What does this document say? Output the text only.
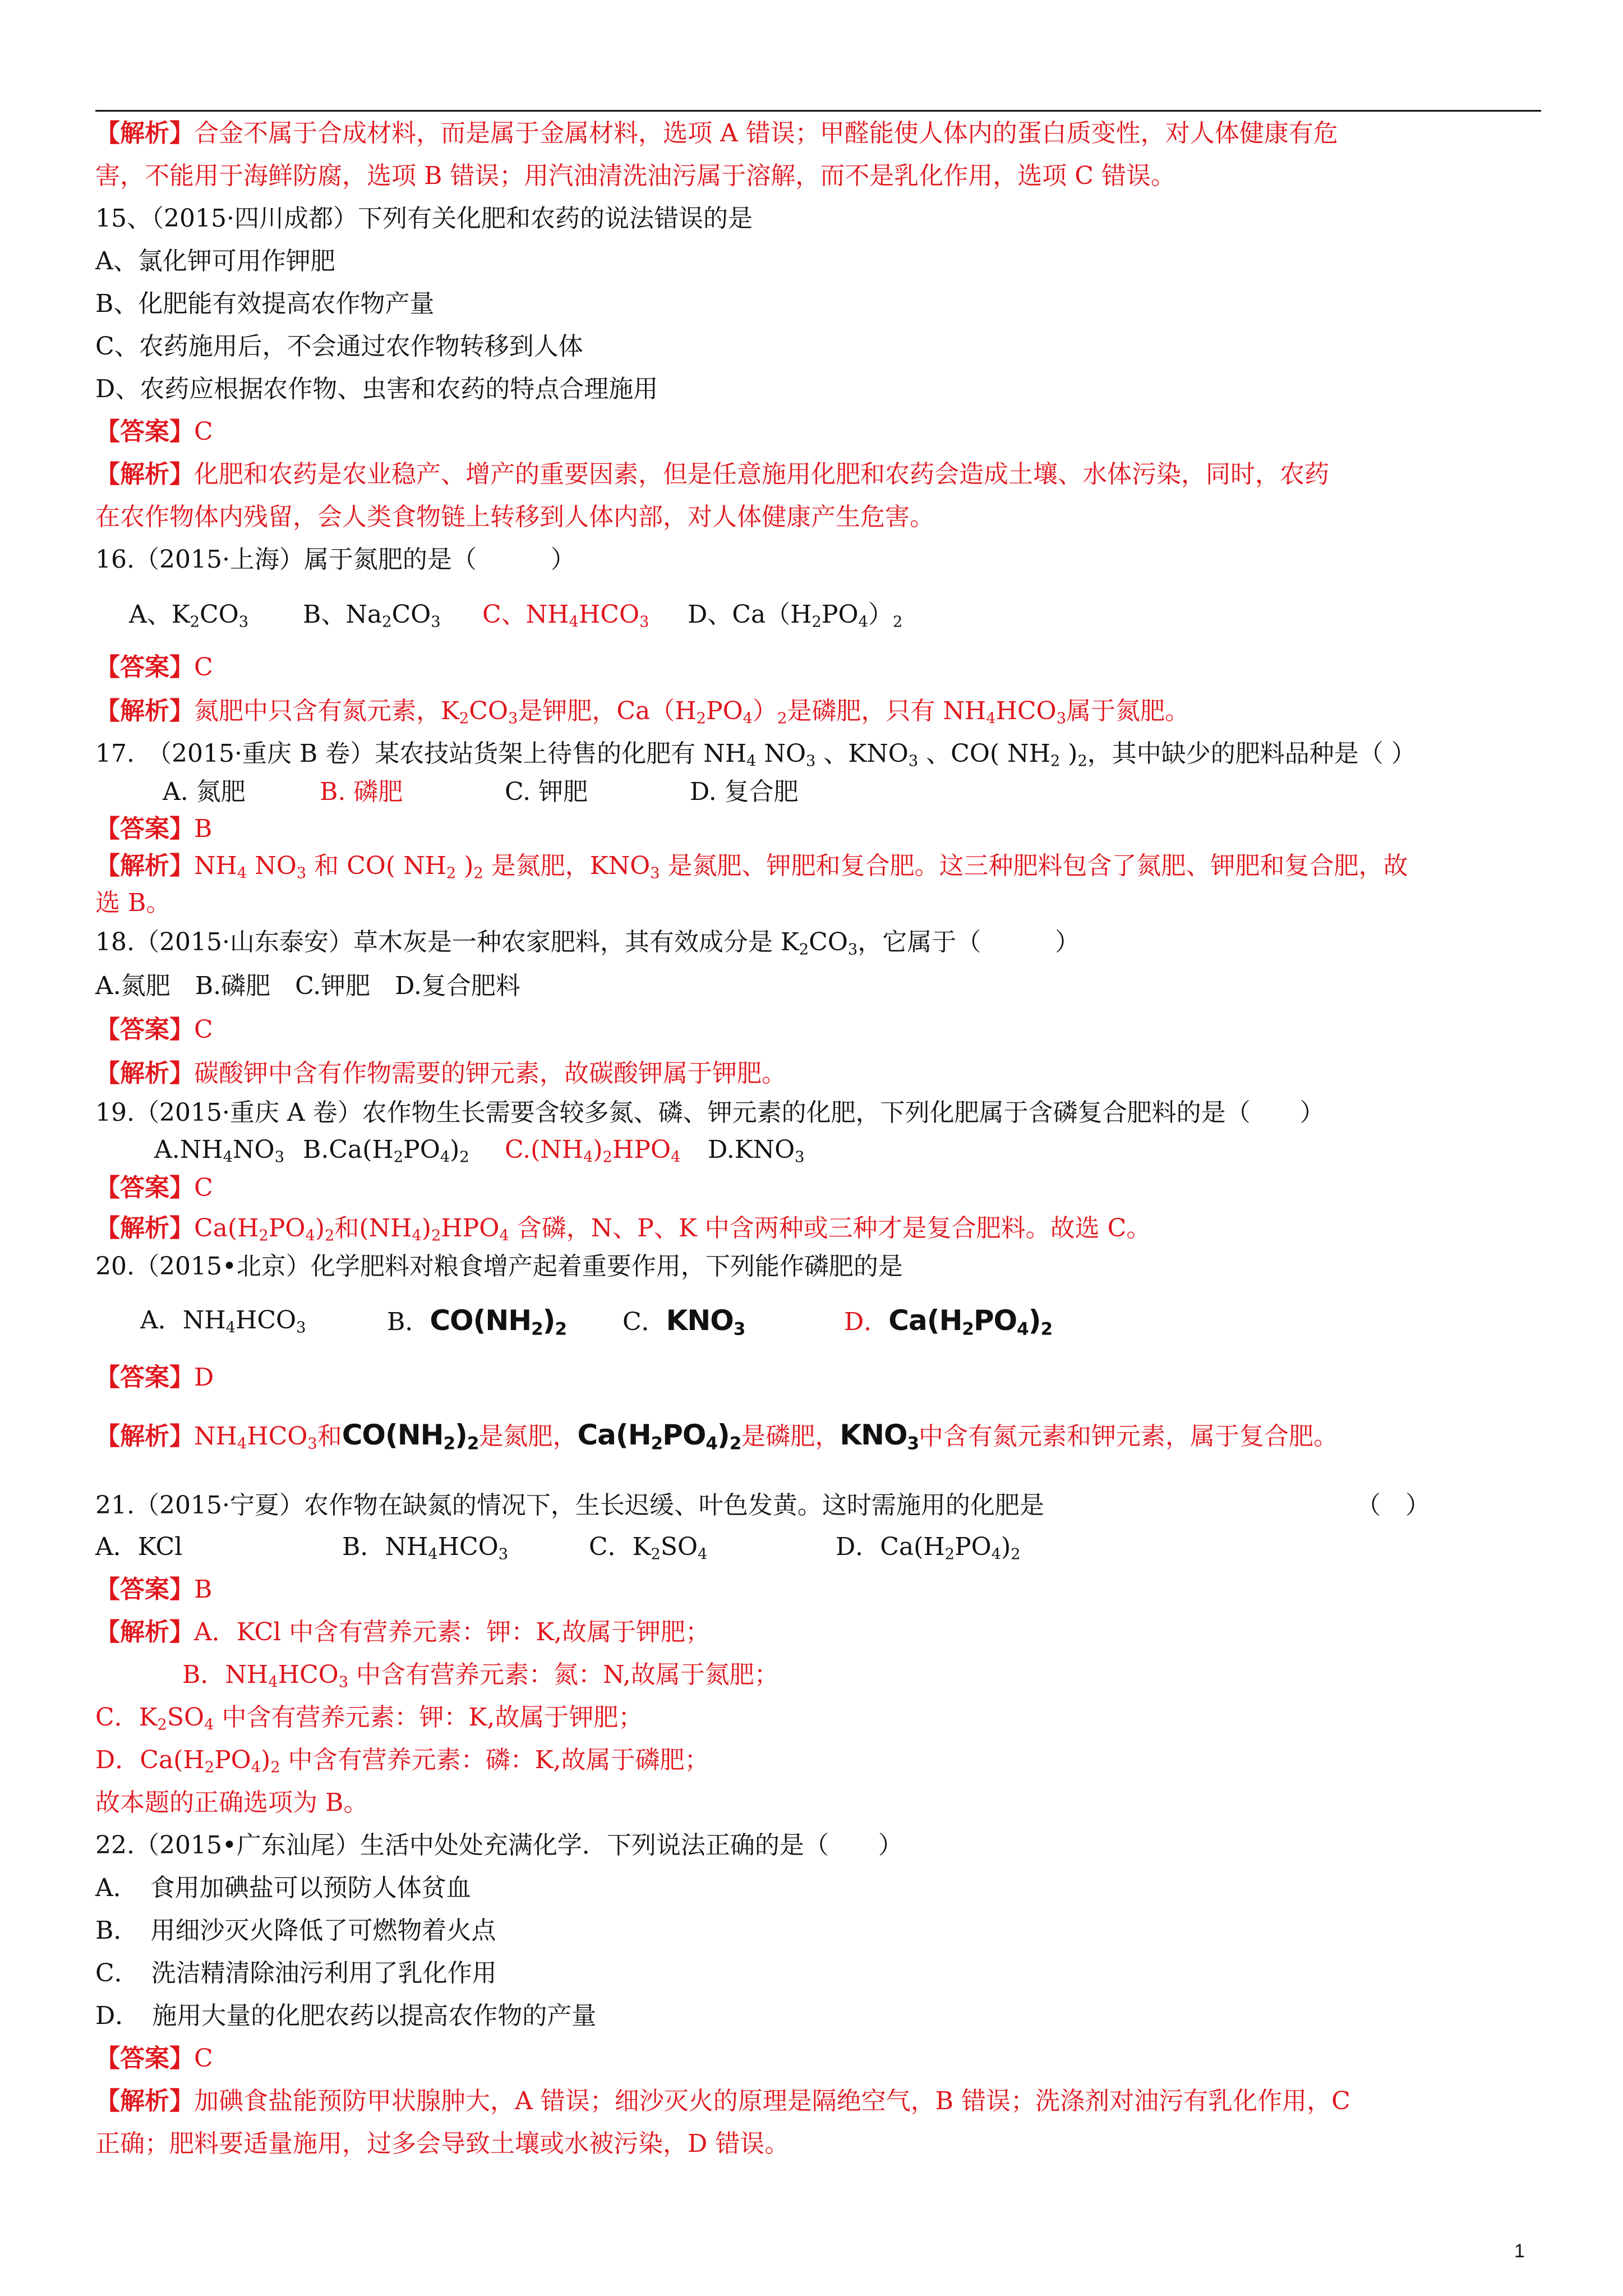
【解析】合金不属于合成材料，而是属于金属材料，选项 A 错误；甲醛能使人体内的蛋白质变性，对人体健康有危
害，不能用于海鲜防腐，选项 B 错误；用汽油清洗油污属于溶解，而不是乳化作用，选项 C 错误。
15、（2015·四川成都）下列有关化肥和农药的说法错误的是
A、氯化钾可用作钾肥
B、化肥能有效提高农作物产量
C、农药施用后，不会通过农作物转移到人体
D、农药应根据农作物、虫害和农药的特点合理施用
【答案】C
【解析】化肥和农药是农业稳产、增产的重要因素，但是任意施用化肥和农药会造成土壤、水体污染，同时，农药
在农作物体内残留，会人类食物链上转移到人体内部，对人体健康产生危害。
16.（2015·上海）属于氮肥的是（　　　）
A、$K_2CO_3$ B、$Na_2CO_3$ C、$NH_4HCO_3$ D、$Ca(H_2PO_4)_2$
【答案】C
【解析】氮肥中只含有氮元素，$K_2CO_3$是钾肥，$Ca(H_2PO_4)_2$是磷肥，只有 $NH_4HCO_3$属于氮肥。
17.　（2015·重庆 B 卷）某农技站货架上待售的化肥有 $NH_4$ $NO_3$ 、$KNO_3$ 、CO( $NH_2$ )$_2$，其中缺少的肥料品种是（ ）
A. 氮肥	B. 磷肥	C. 钾肥	D. 复合肥
【答案】B
【解析】$NH_4$ $NO_3$ 和 CO( $NH_2$ )$_2$ 是氮肥，$KNO_3$ 是氮肥、钾肥和复合肥。这三种肥料包含了氮肥、钾肥和复合肥，故
选 B。
18.（2015·山东泰安）草木灰是一种农家肥料，其有效成分是 $K_2CO_3$，它属于（　　　）
A.氮肥　B.磷肥　C.钾肥　D.复合肥料
【答案】C
【解析】碳酸钾中含有作物需要的钾元素，故碳酸钾属于钾肥。
19.（2015·重庆 A 卷）农作物生长需要含较多氮、磷、钾元素的化肥，下列化肥属于含磷复合肥料的是（　　）
$A.NH_4NO_3$ $B.Ca(H_2PO_4)_2$ $C.(NH_4)_2HPO_4$ $D.KNO_3$
【答案】C
【解析】$Ca(H_2PO_4)_2$和$(NH_4)_2HPO_4$ 含磷，N、P、K 中含两种或三种才是复合肥料。故选 C。
20.（2015•北京）化学肥料对粮食增产起着重要作用，下列能作磷肥的是
A．$NH_4HCO_3$	B．$CO(NH_2)_2$ C．$KNO_3$	D．$Ca(H_2PO_4)_2$
【答案】D
【解析】$NH_4HCO_3$和$CO(NH_2)_2$是氮肥，$Ca(H_2PO_4)_2$是磷肥，$KNO_3$中含有氮元素和钾元素，属于复合肥。
21.（2015·宁夏）农作物在缺氮的情况下，生长迟缓、叶色发黄。这时需施用的化肥是	（　）
A．KCl	B．$NH_4HCO_3$	C．$K_2SO_4$	D．$Ca(H_2PO_4)_2$
【答案】B
【解析】A．KCl 中含有营养元素：钾：K,故属于钾肥；
B．$NH_4HCO_3$ 中含有营养元素：氮：N,故属于氮肥；
C．$K_2SO_4$ 中含有营养元素：钾：K,故属于钾肥；
D．$Ca(H_2PO_4)_2$ 中含有营养元素：磷：K,故属于磷肥；
故本题的正确选项为 B。
22.（2015•广东汕尾）生活中处处充满化学．下列说法正确的是（　　）
A．　食用加碘盐可以预防人体贫血
B．　用细沙灭火降低了可燃物着火点
C．　洗洁精清除油污利用了乳化作用
D．　施用大量的化肥农药以提高农作物的产量
【答案】C
【解析】加碘食盐能预防甲状腺肿大，A 错误；细沙灭火的原理是隔绝空气，B 错误；洗涤剂对油污有乳化作用，C
正确；肥料要适量施用，过多会导致土壤或水被污染，D 错误。
1
